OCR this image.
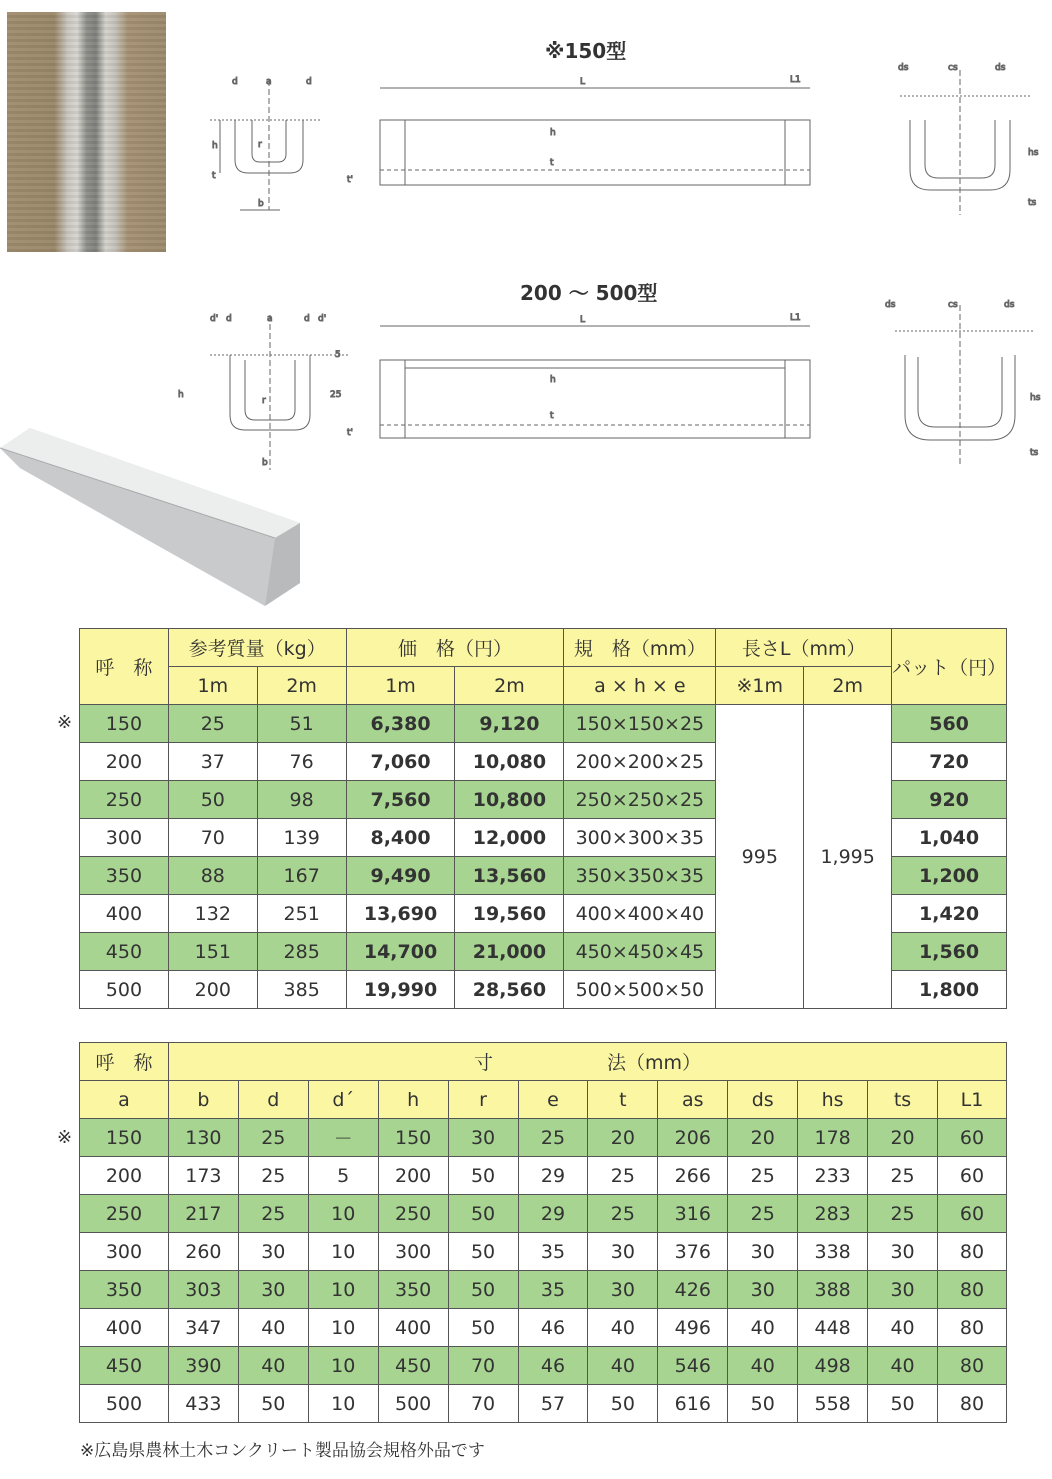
※150型
200 〜 500型
d	a	d
h
t
r
b
L	L1
h
t
t'
ds	cs	ds
hs
ts
d' d	a	d d'
h
b
r
5
25
L	L1
h
t
t'
ds	cs	ds
hs
ts
※
呼　称	参考質量（kg）		価　格（円）		規　格（mm）	長さL（mm）		パット（円）
	1m	2m	1m	2m	a × h × e	※1m	2m	
150	25	51	6,380	9,120	150×150×25	995	1,995	560
200	37	76	7,060	10,080	200×200×25			720
250	50	98	7,560	10,800	250×250×25			920
300	70	139	8,400	12,000	300×300×35			1,040
350	88	167	9,490	13,560	350×350×35			1,200
400	132	251	13,690	19,560	400×400×40			1,420
450	151	285	14,700	21,000	450×450×45			1,560
500	200	385	19,990	28,560	500×500×50			1,800
※
呼　称	寸　　　　　　法（mm）											
a	b	d	d´	h	r	e	t	as	ds	hs	ts	L1
150	130	25	－	150	30	25	20	206	20	178	20	60
200	173	25	5	200	50	29	25	266	25	233	25	60
250	217	25	10	250	50	29	25	316	25	283	25	60
300	260	30	10	300	50	35	30	376	30	338	30	80
350	303	30	10	350	50	35	30	426	30	388	30	80
400	347	40	10	400	50	46	40	496	40	448	40	80
450	390	40	10	450	70	46	40	546	40	498	40	80
500	433	50	10	500	70	57	50	616	50	558	50	80
※広島県農林土木コンクリート製品協会規格外品です
